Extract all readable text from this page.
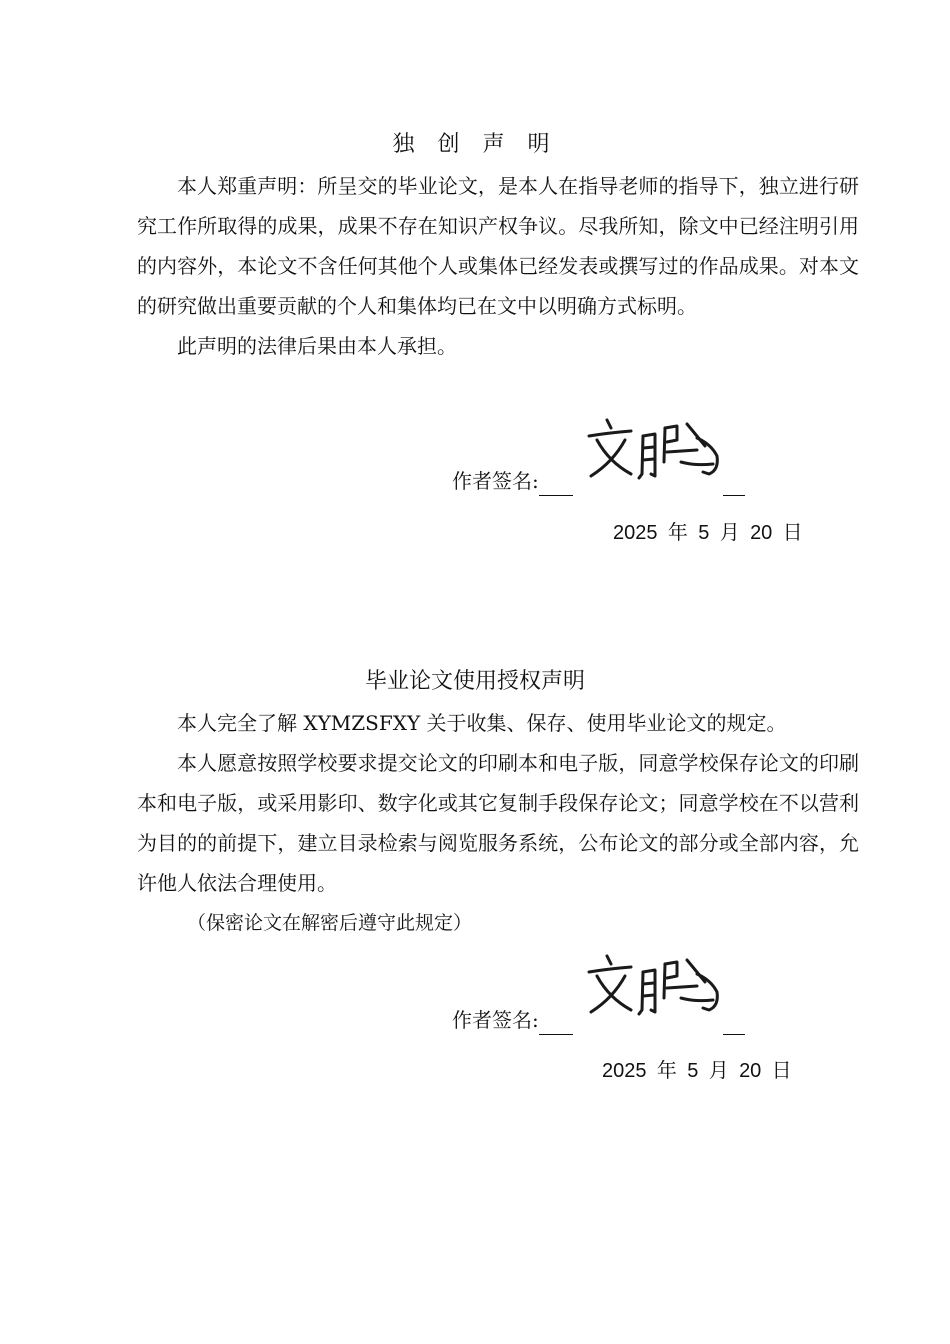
独 创 声 明

本人郑重声明：所呈交的毕业论文，是本人在指导老师的指导下，独立进行研究工作所取得的成果，成果不存在知识产权争议。尽我所知，除文中已经注明引用的内容外，本论文不含任何其他个人或集体已经发表或撰写过的作品成果。对本文的研究做出重要贡献的个人和集体均已在文中以明确方式标明。

此声明的法律后果由本人承担。

作者签名:
2025 年 5 月 20 日
毕业论文使用授权声明

本人完全了解 XYMZSFXY 关于收集、保存、使用毕业论文的规定。

本人愿意按照学校要求提交论文的印刷本和电子版，同意学校保存论文的印刷本和电子版，或采用影印、数字化或其它复制手段保存论文；同意学校在不以营利为目的的前提下，建立目录检索与阅览服务系统，公布论文的部分或全部内容，允许他人依法合理使用。

（保密论文在解密后遵守此规定）

作者签名:
2025 年 5 月 20 日
